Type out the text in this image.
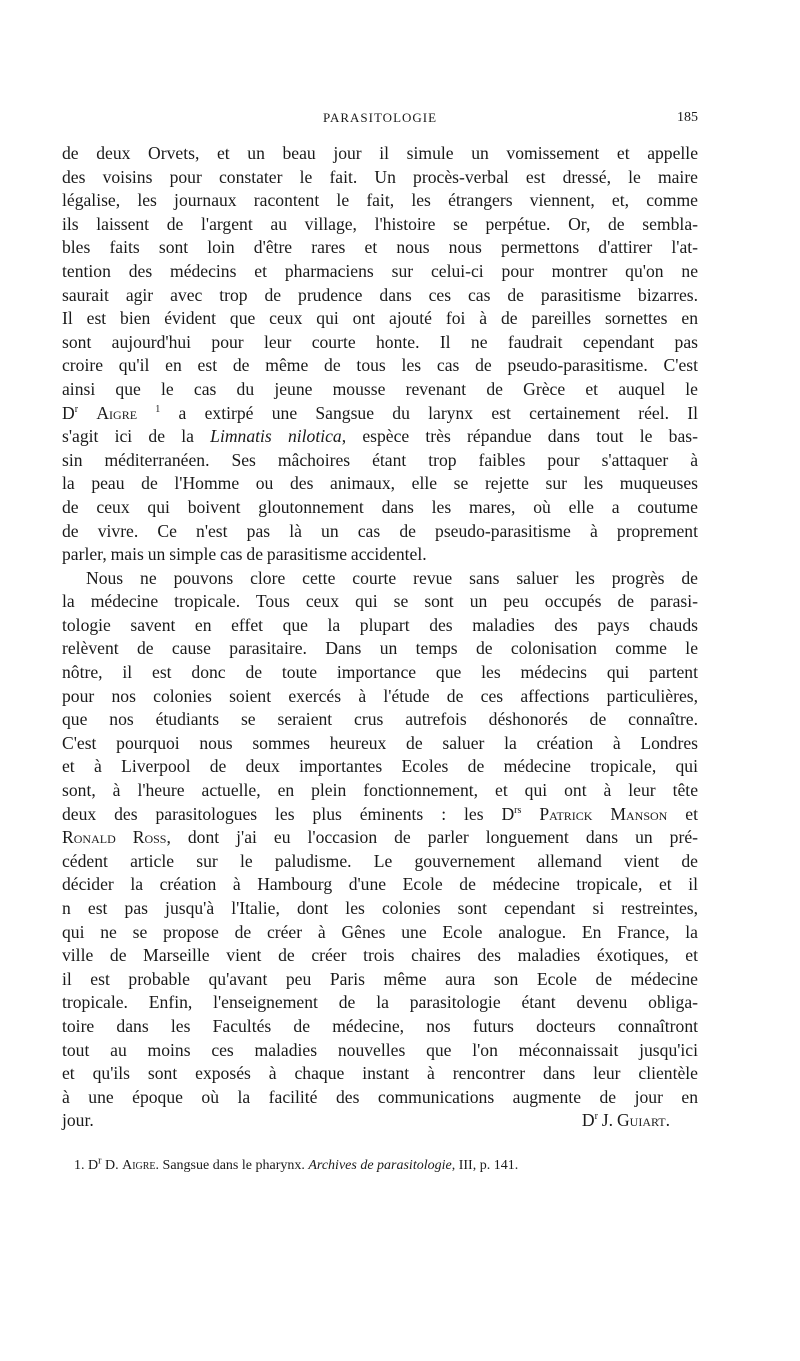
PARASITOLOGIE	185
de deux Orvets, et un beau jour il simule un vomissement et appelle
des voisins pour constater le fait. Un procès-verbal est dressé, le maire
légalise, les journaux racontent le fait, les étrangers viennent, et, comme
ils laissent de l'argent au village, l'histoire se perpétue. Or, de sembla-
bles faits sont loin d'être rares et nous nous permettons d'attirer l'at-
tention des médecins et pharmaciens sur celui-ci pour montrer qu'on ne
saurait agir avec trop de prudence dans ces cas de parasitisme bizarres.
Il est bien évident que ceux qui ont ajouté foi à de pareilles sornettes en
sont aujourd'hui pour leur courte honte. Il ne faudrait cependant pas
croire qu'il en est de même de tous les cas de pseudo-parasitisme. C'est
ainsi que le cas du jeune mousse revenant de Grèce et auquel le
$D^r$ Aigre $^1$ a extirpé une Sangsue du larynx est certainement réel. Il
s'agit ici de la Limnatis nilotica, espèce très répandue dans tout le bas-
sin méditerranéen. Ses mâchoires étant trop faibles pour s'attaquer à
la peau de l'Homme ou des animaux, elle se rejette sur les muqueuses
de ceux qui boivent gloutonnement dans les mares, où elle a coutume
de vivre. Ce n'est pas là un cas de pseudo-parasitisme à proprement
parler, mais un simple cas de parasitisme accidentel.
Nous ne pouvons clore cette courte revue sans saluer les progrès de
la médecine tropicale. Tous ceux qui se sont un peu occupés de parasi-
tologie savent en effet que la plupart des maladies des pays chauds
relèvent de cause parasitaire. Dans un temps de colonisation comme le
nôtre, il est donc de toute importance que les médecins qui partent
pour nos colonies soient exercés à l'étude de ces affections particulières,
que nos étudiants se seraient crus autrefois déshonorés de connaître.
C'est pourquoi nous sommes heureux de saluer la création à Londres
et à Liverpool de deux importantes Ecoles de médecine tropicale, qui
sont, à l'heure actuelle, en plein fonctionnement, et qui ont à leur tête
deux des parasitologues les plus éminents : les $D^{rs}$ Patrick Manson et
Ronald Ross, dont j'ai eu l'occasion de parler longuement dans un pré-
cédent article sur le paludisme. Le gouvernement allemand vient de
décider la création à Hambourg d'une Ecole de médecine tropicale, et il
n est pas jusqu'à l'Italie, dont les colonies sont cependant si restreintes,
qui ne se propose de créer à Gênes une Ecole analogue. En France, la
ville de Marseille vient de créer trois chaires des maladies éxotiques, et
il est probable qu'avant peu Paris même aura son Ecole de médecine
tropicale. Enfin, l'enseignement de la parasitologie étant devenu obliga-
toire dans les Facultés de médecine, nos futurs docteurs connaîtront
tout au moins ces maladies nouvelles que l'on méconnaissait jusqu'ici
et qu'ils sont exposés à chaque instant à rencontrer dans leur clientèle
à une époque où la facilité des communications augmente de jour en
jour.	$D^r$ J. Guiart.
1. $D^r$ D. Aigre. Sangsue dans le pharynx. Archives de parasitologie, III, p. 141.
